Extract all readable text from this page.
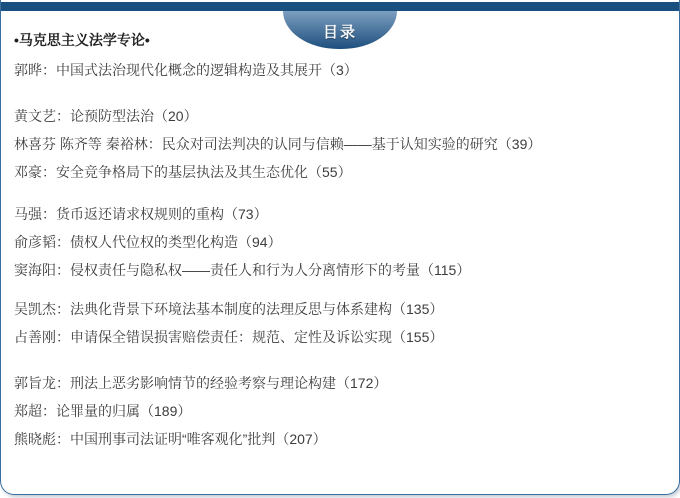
目录
•马克思主义法学专论•
郭晔：中国式法治现代化概念的逻辑构造及其展开（3）
黄文艺：论预防型法治（20）
林喜芬 陈齐等 秦裕林：民众对司法判决的认同与信赖——基于认知实验的研究（39）
邓豪：安全竞争格局下的基层执法及其生态优化（55）
马强：货币返还请求权规则的重构（73）
俞彦韬：债权人代位权的类型化构造（94）
窦海阳：侵权责任与隐私权——责任人和行为人分离情形下的考量（115）
吴凯杰：法典化背景下环境法基本制度的法理反思与体系建构（135）
占善刚：申请保全错误损害赔偿责任：规范、定性及诉讼实现（155）
郭旨龙：刑法上恶劣影响情节的经验考察与理论构建（172）
郑超：论罪量的归属（189）
熊晓彪：中国刑事司法证明“唯客观化”批判（207）
